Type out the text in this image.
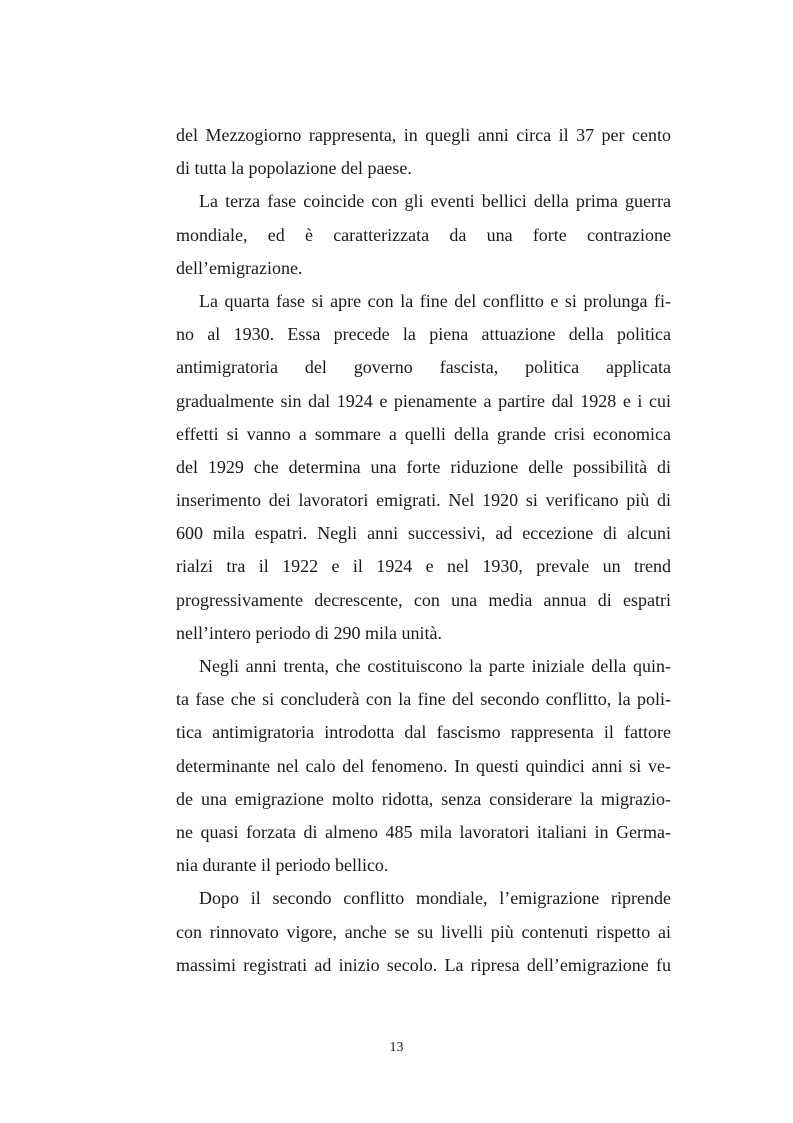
del Mezzogiorno rappresenta, in quegli anni circa il 37 per cento
di tutta la popolazione del paese.
La terza fase coincide con gli eventi bellici della prima guerra
mondiale, ed è caratterizzata da una forte contrazione
dell’emigrazione.
La quarta fase si apre con la fine del conflitto e si prolunga fi-
no al 1930. Essa precede la piena attuazione della politica
antimigratoria del governo fascista, politica applicata
gradualmente sin dal 1924 e pienamente a partire dal 1928 e i cui
effetti si vanno a sommare a quelli della grande crisi economica
del 1929 che determina una forte riduzione delle possibilità di
inserimento dei lavoratori emigrati. Nel 1920 si verificano più di
600 mila espatri. Negli anni successivi, ad eccezione di alcuni
rialzi tra il 1922 e il 1924 e nel 1930, prevale un trend
progressivamente decrescente, con una media annua di espatri
nell’intero periodo di 290 mila unità.
Negli anni trenta, che costituiscono la parte iniziale della quin-
ta fase che si concluderà con la fine del secondo conflitto, la poli-
tica antimigratoria introdotta dal fascismo rappresenta il fattore
determinante nel calo del fenomeno. In questi quindici anni si ve-
de una emigrazione molto ridotta, senza considerare la migrazio-
ne quasi forzata di almeno 485 mila lavoratori italiani in Germa-
nia durante il periodo bellico.
Dopo il secondo conflitto mondiale, l’emigrazione riprende
con rinnovato vigore, anche se su livelli più contenuti rispetto ai
massimi registrati ad inizio secolo. La ripresa dell’emigrazione fu
13
